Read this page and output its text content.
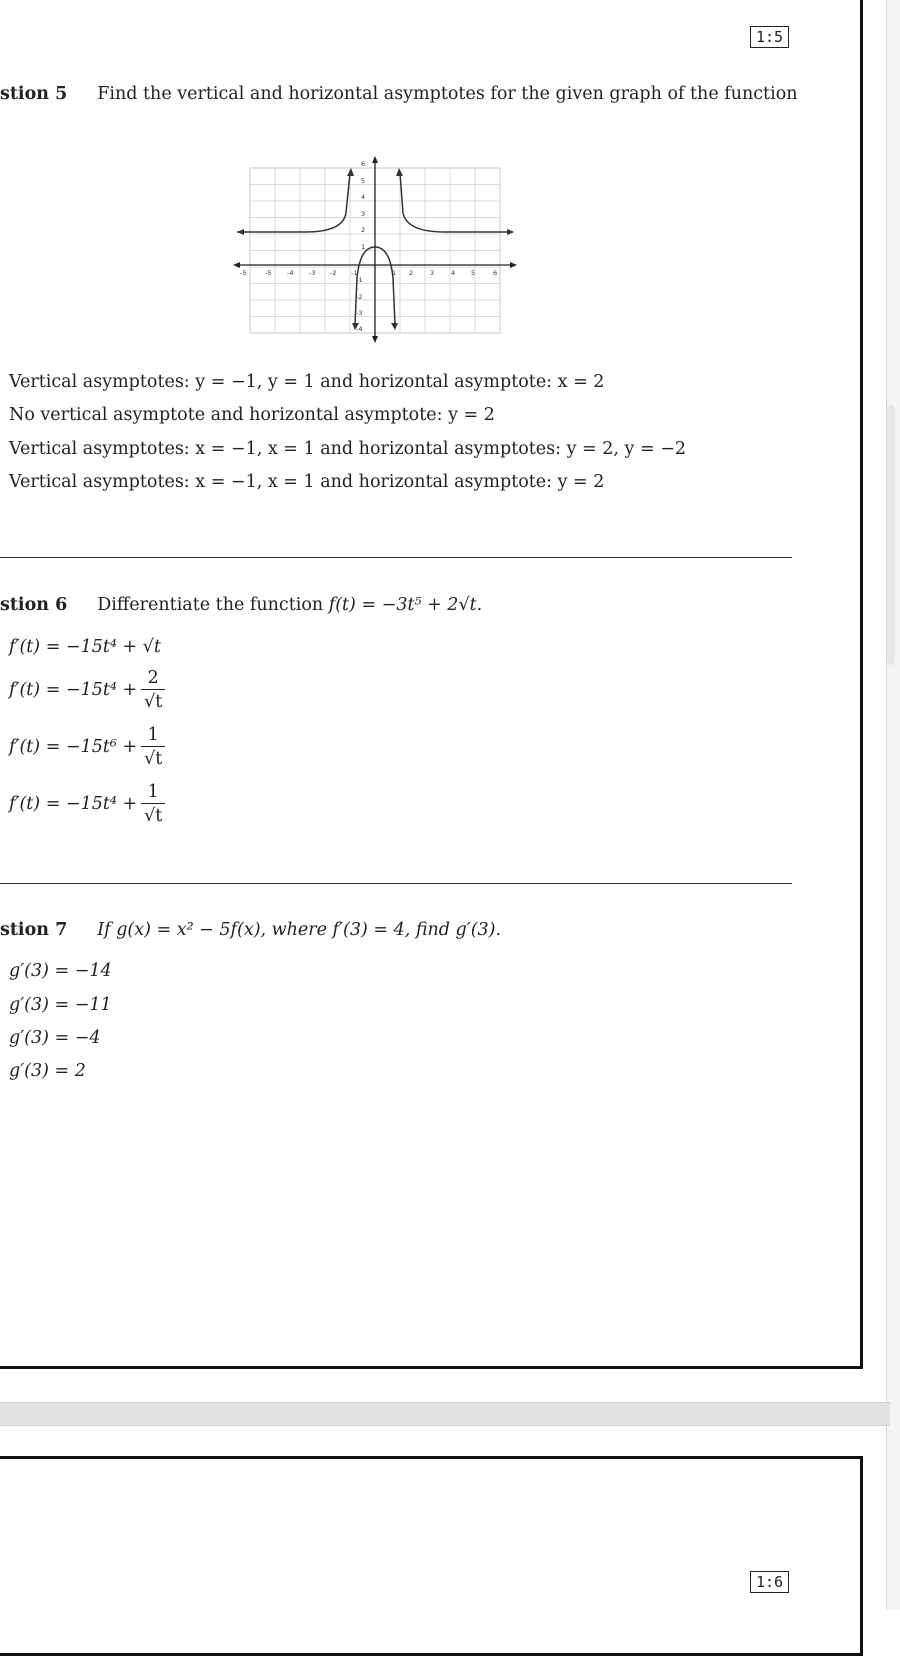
1:5
stion 5 Find the vertical and horizontal asymptotes for the given graph of the function
-5	-5 -4 -3 -2 -1	1 2	3	4 5	6
6
5
4
3
2
1
-1
-2
-3
-4
Vertical asymptotes: y = −1, y = 1 and horizontal asymptote: x = 2
No vertical asymptote and horizontal asymptote: y = 2
Vertical asymptotes: x = −1, x = 1 and horizontal asymptotes: y = 2, y = −2
Vertical asymptotes: x = −1, x = 1 and horizontal asymptote: y = 2
stion 6 Differentiate the function f(t) = −3t⁵ + 2√t.
f′(t) = −15t⁴ + √t
$f'(t) = -15t^4 + \frac{2}{√t}$
$f'(t) = -15t^6 + \frac{1}{√t}$
$f'(t) = -15t^4 + \frac{1}{√t}$
stion 7 If g(x) = x² − 5f(x), where f′(3) = 4, find g′(3).
g′(3) = −14
g′(3) = −11
g′(3) = −4
g′(3) = 2
1:6
